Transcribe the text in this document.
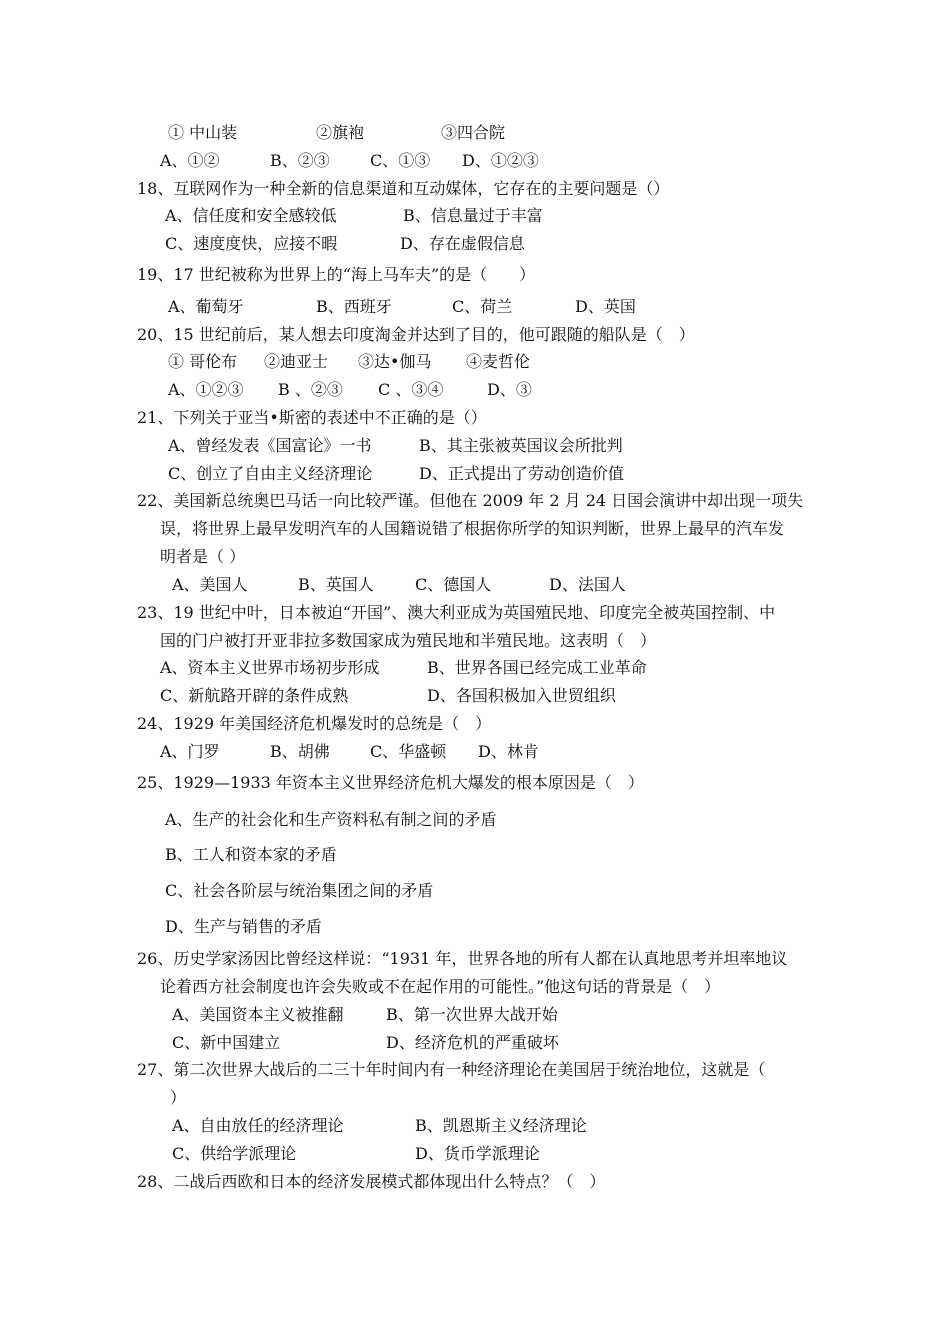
① 中山装	②旗袍	③四合院
A、①②	B、②③	C、①③ D、①②③
18、互联网作为一种全新的信息渠道和互动媒体，它存在的主要问题是（）
A、信任度和安全感较低	B、信息量过于丰富
C、速度度快，应接不暇	D、存在虚假信息
19、17 世纪被称为世界上的“海上马车夫”的是（　　）
A、葡萄牙	B、西班牙	C、荷兰	D、英国
20、15 世纪前后，某人想去印度淘金并达到了目的，他可跟随的船队是（　）
① 哥伦布 ②迪亚士 ③达•伽马 ④麦哲伦
A、①②③ B 、②③ C 、③④	D、③
21、下列关于亚当•斯密的表述中不正确的是（）
A、曾经发表《国富论》一书	B、其主张被英国议会所批判
C、创立了自由主义经济理论	D、正式提出了劳动创造价值
22、美国新总统奥巴马话一向比较严谨。但他在 2009 年 2 月 24 日国会演讲中却出现一项失
误，将世界上最早发明汽车的人国籍说错了根据你所学的知识判断，世界上最早的汽车发
明者是（ ）
A、美国人	B、英国人	C、德国人	D、法国人
23、19 世纪中叶，日本被迫“开国”、澳大利亚成为英国殖民地、印度完全被英国控制、中
国的门户被打开亚非拉多数国家成为殖民地和半殖民地。这表明（　）
A、资本主义世界市场初步形成	B、世界各国已经完成工业革命
C、新航路开辟的条件成熟	D、各国积极加入世贸组织
24、1929 年美国经济危机爆发时的总统是（　）
A、门罗	B、胡佛	C、华盛顿 D、林肯
25、1929—1933 年资本主义世界经济危机大爆发的根本原因是（　）
A、生产的社会化和生产资料私有制之间的矛盾
B、工人和资本家的矛盾
C、社会各阶层与统治集团之间的矛盾
D、生产与销售的矛盾
26、历史学家汤因比曾经这样说：“1931 年，世界各地的所有人都在认真地思考并坦率地议
论着西方社会制度也许会失败或不在起作用的可能性。”他这句话的背景是（　）
A、美国资本主义被推翻	B、第一次世界大战开始
C、新中国建立	D、经济危机的严重破坏
27、第二次世界大战后的二三十年时间内有一种经济理论在美国居于统治地位，这就是（
）
A、自由放任的经济理论	B、凯恩斯主义经济理论
C、供给学派理论	D、货币学派理论
28、二战后西欧和日本的经济发展模式都体现出什么特点？（　）
